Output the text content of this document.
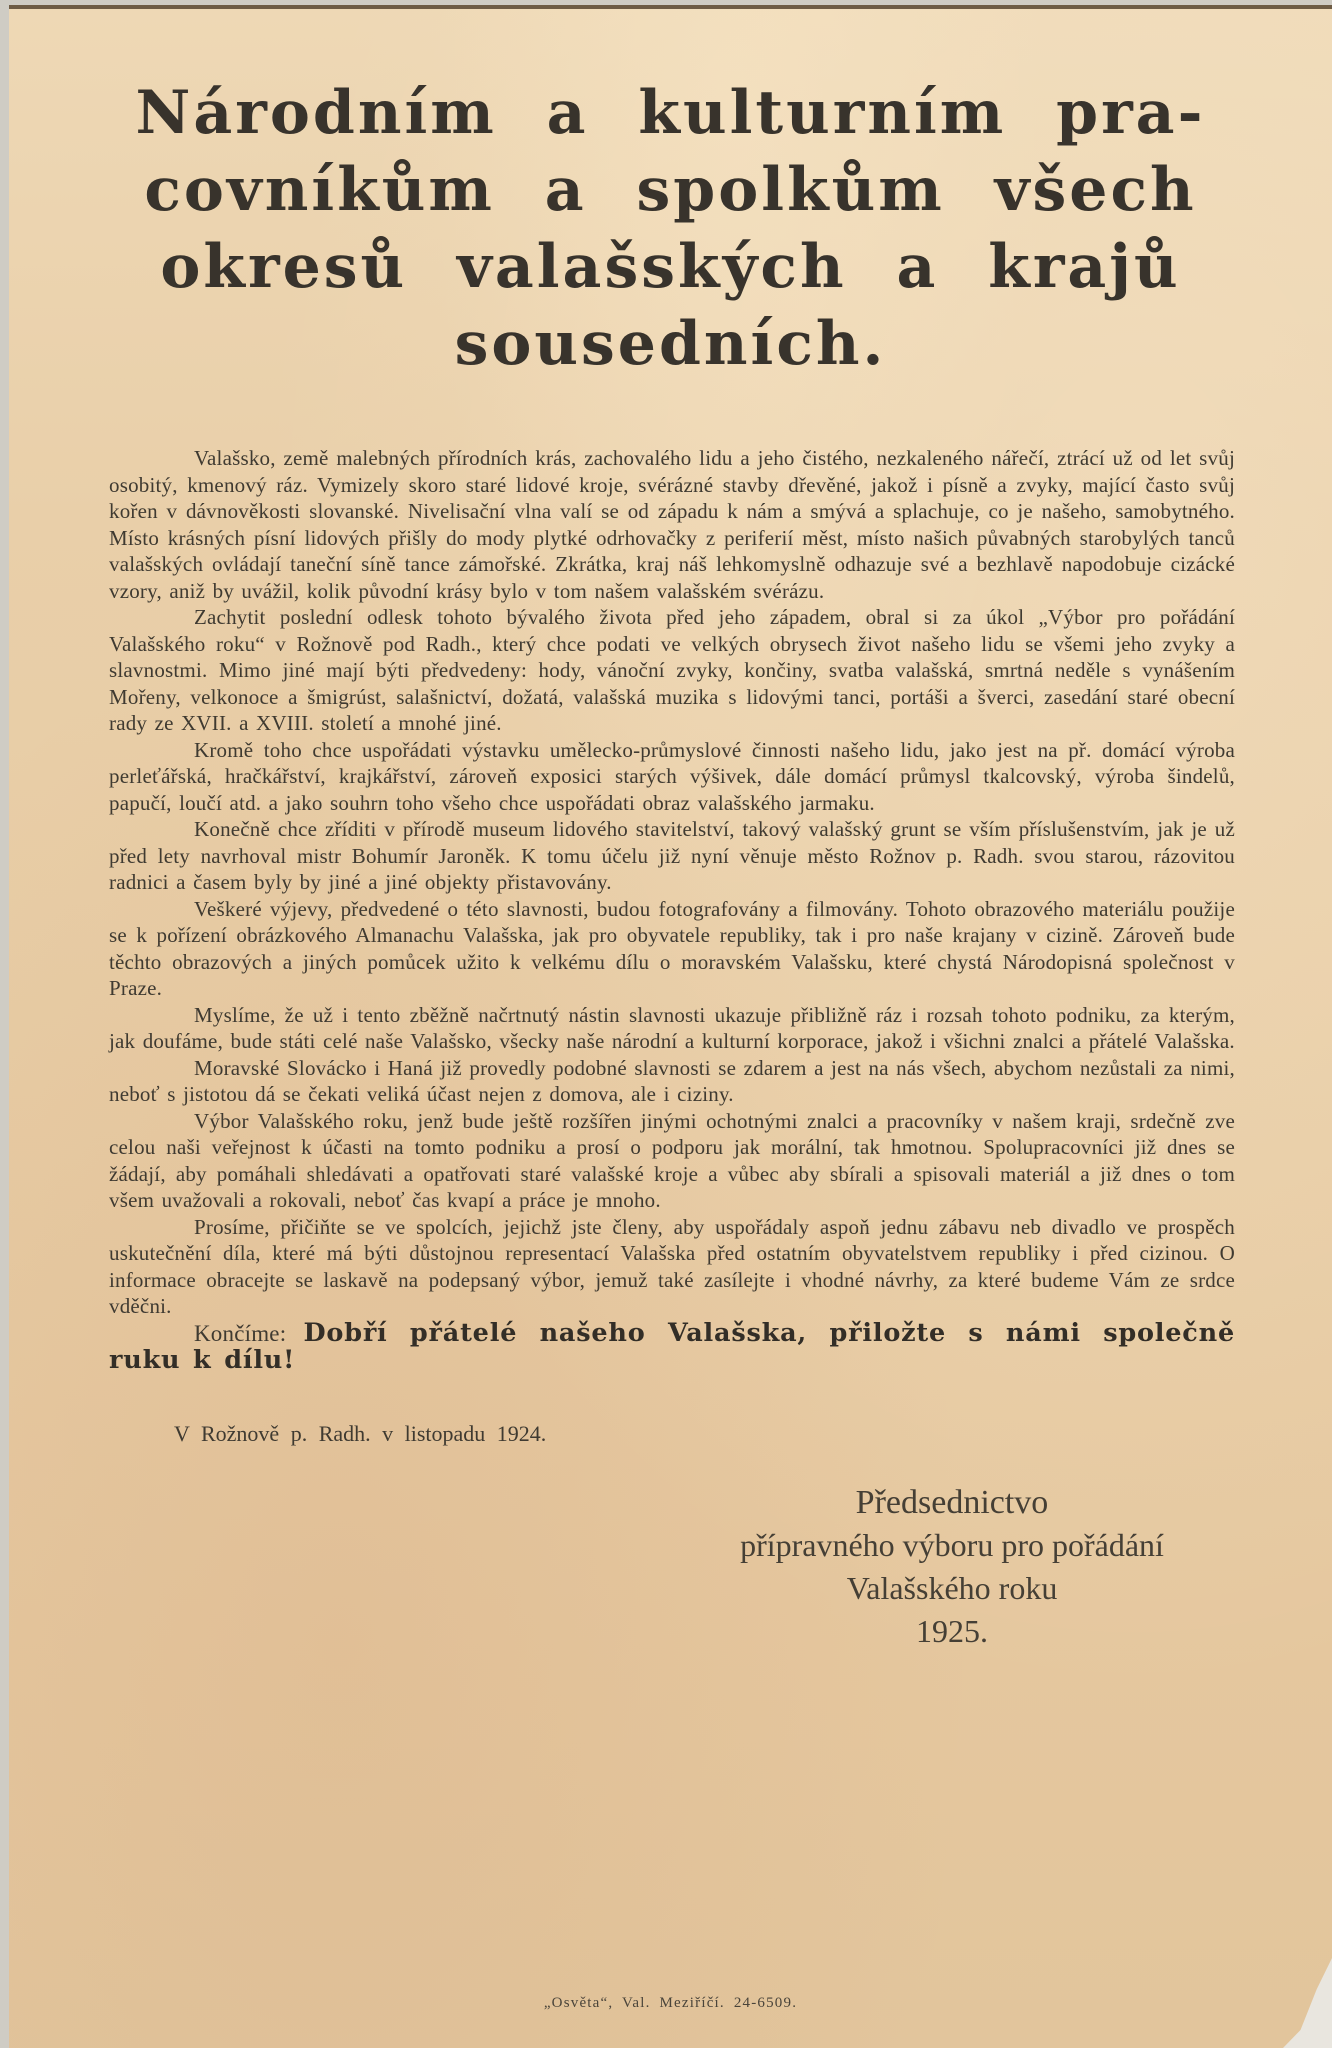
Národním a kulturním pra-
covníkům a spolkům všech
okresů valašských a krajů
sousedních.

Valašsko, země malebných přírodních krás, zachovalého lidu a jeho čistého, nezkaleného nářečí, ztrácí už od let svůj osobitý, kmenový ráz. Vymizely skoro staré lidové kroje, svérázné stavby dřevěné, jakož i písně a zvyky, mající často svůj kořen v dávnověkosti slovanské. Nivelisační vlna valí se od západu k nám a smývá a splachuje, co je našeho, samobytného. Místo krásných písní lidových přišly do mody plytké odrhovačky z periferií měst, místo našich půvabných starobylých tanců valašských ovládají taneční síně tance zámořské. Zkrátka, kraj náš lehkomyslně odhazuje své a bezhlavě napodobuje cizácké vzory, aniž by uvážil, kolik původní krásy bylo v tom našem valašském svérázu.

Zachytit poslední odlesk tohoto bývalého života před jeho západem, obral si za úkol „Výbor pro pořádání Valašského roku“ v Rožnově pod Radh., který chce podati ve velkých obrysech život našeho lidu se všemi jeho zvyky a slavnostmi. Mimo jiné mají býti předvedeny: hody, vánoční zvyky, končiny, svatba valašská, smrtná neděle s vynášením Mořeny, velkonoce a šmigrúst, salašnictví, dožatá, valašská muzika s lidovými tanci, portáši a šverci, zasedání staré obecní rady ze XVII. a XVIII. století a mnohé jiné.

Kromě toho chce uspořádati výstavku umělecko-průmyslové činnosti našeho lidu, jako jest na př. domácí výroba perleťářská, hračkářství, krajkářství, zároveň exposici starých výšivek, dále domácí průmysl tkalcovský, výroba šindelů, papučí, loučí atd. a jako souhrn toho všeho chce uspořádati obraz valašského jarmaku.

Konečně chce zříditi v přírodě museum lidového stavitelství, takový valašský grunt se vším příslušenstvím, jak je už před lety navrhoval mistr Bohumír Jaroněk. K tomu účelu již nyní věnuje město Rožnov p. Radh. svou starou, rázovitou radnici a časem byly by jiné a jiné objekty přistavovány.

Veškeré výjevy, předvedené o této slavnosti, budou fotografovány a filmovány. Tohoto obrazového materiálu použije se k pořízení obrázkového Almanachu Valašska, jak pro obyvatele republiky, tak i pro naše krajany v cizině. Zároveň bude těchto obrazových a jiných pomůcek užito k velkému dílu o moravském Valašsku, které chystá Národopisná společnost v Praze.

Myslíme, že už i tento zběžně načrtnutý nástin slavnosti ukazuje přibližně ráz i rozsah tohoto podniku, za kterým, jak doufáme, bude státi celé naše Valašsko, všecky naše národní a kulturní korporace, jakož i všichni znalci a přátelé Valašska.

Moravské Slovácko i Haná již provedly podobné slavnosti se zdarem a jest na nás všech, abychom nezůstali za nimi, neboť s jistotou dá se čekati veliká účast nejen z domova, ale i ciziny.

Výbor Valašského roku, jenž bude ještě rozšířen jinými ochotnými znalci a pracovníky v našem kraji, srdečně zve celou naši veřejnost k účasti na tomto podniku a prosí o podporu jak morální, tak hmotnou. Spolupracovníci již dnes se žádají, aby pomáhali shledávati a opatřovati staré valašské kroje a vůbec aby sbírali a spisovali materiál a již dnes o tom všem uvažovali a rokovali, neboť čas kvapí a práce je mnoho.

Prosíme, přičiňte se ve spolcích, jejichž jste členy, aby uspořádaly aspoň jednu zábavu neb divadlo ve prospěch uskutečnění díla, které má býti důstojnou representací Valašska před ostatním obyvatelstvem republiky i před cizinou. O informace obracejte se laskavě na podepsaný výbor, jemuž také zasílejte i vhodné návrhy, za které budeme Vám ze srdce vděčni.

Končíme: Dobří přátelé našeho Valašska, přiložte s námi společně ruku k dílu!

V Rožnově p. Radh. v listopadu 1924.
Předsednictvo
přípravného výboru pro pořádání
Valašského roku
1925.
„Osvěta“, Val. Meziříčí. 24-6509.
